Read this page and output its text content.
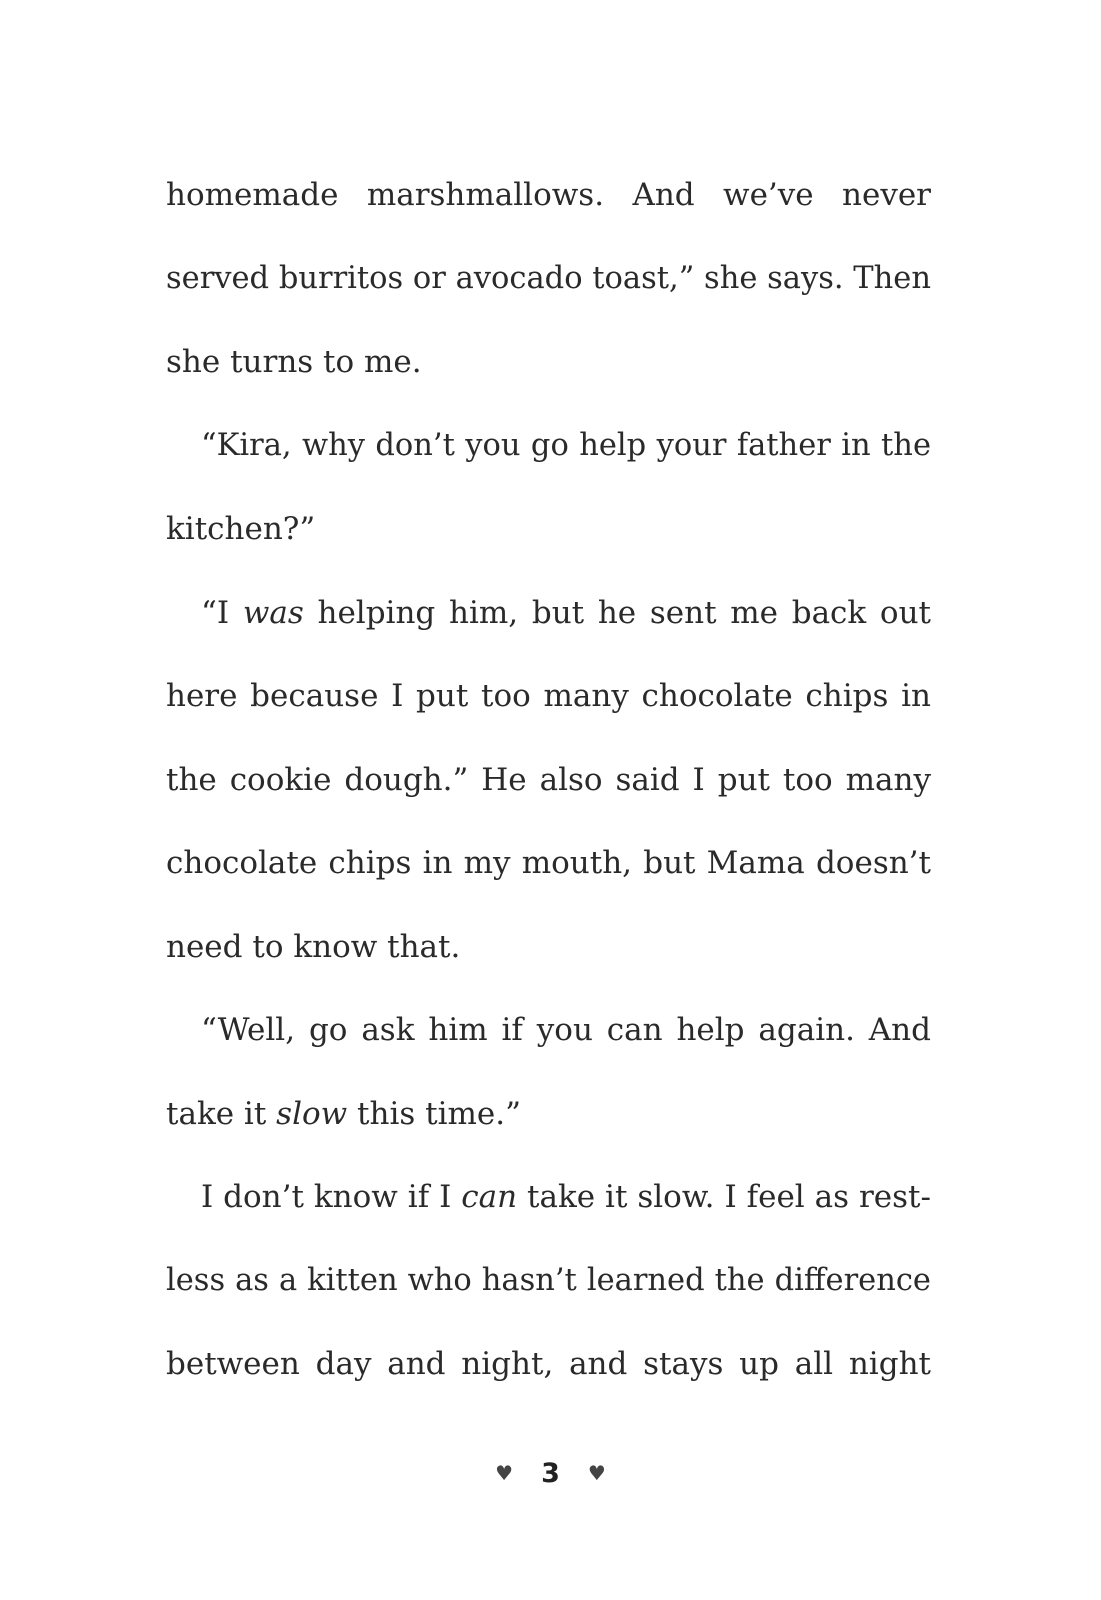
homemade marshmallows. And we’ve never
served burritos or avocado toast,” she says. Then
she turns to me.
“Kira, why don’t you go help your father in the
kitchen?”
“I was helping him, but he sent me back out
here because I put too many chocolate chips in
the cookie dough.” He also said I put too many
chocolate chips in my mouth, but Mama doesn’t
need to know that.
“Well, go ask him if you can help again. And
take it slow this time.”
I don’t know if I can take it slow. I feel as rest-
less as a kitten who hasn’t learned the difference
between day and night, and stays up all night
♥ 3 ♥
